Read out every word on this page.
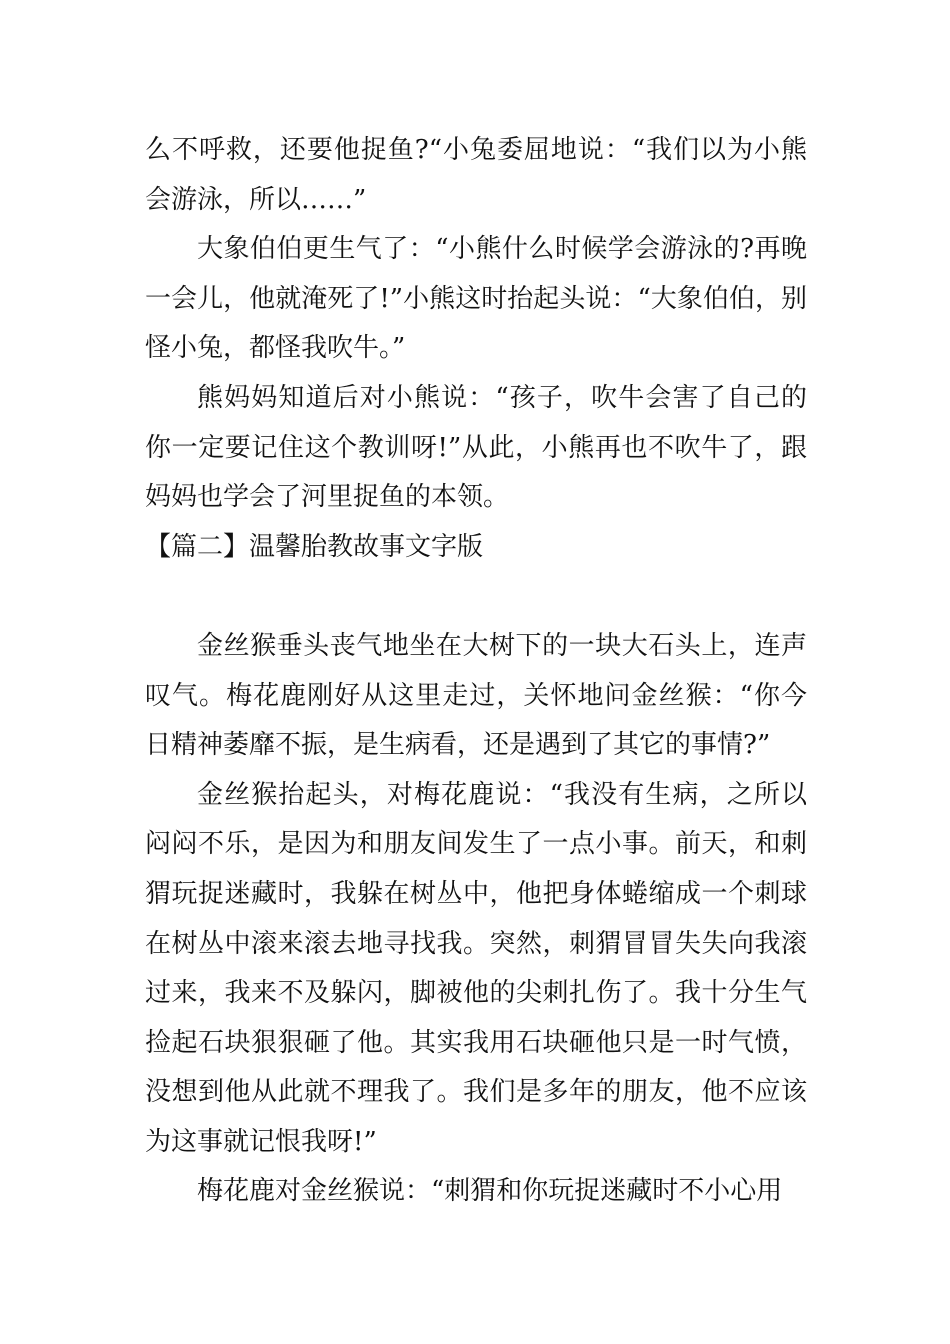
么不呼救，还要他捉鱼?“小兔委屈地说：“我们以为小熊会游泳，所以……”

大象伯伯更生气了：“小熊什么时候学会游泳的?再晚一会儿，他就淹死了!”小熊这时抬起头说：“大象伯伯，别怪小兔，都怪我吹牛。”

熊妈妈知道后对小熊说：“孩子，吹牛会害了自己的你一定要记住这个教训呀!”从此，小熊再也不吹牛了，跟妈妈也学会了河里捉鱼的本领。

【篇二】温馨胎教故事文字版

金丝猴垂头丧气地坐在大树下的一块大石头上，连声叹气。梅花鹿刚好从这里走过，关怀地问金丝猴：“你今日精神萎靡不振，是生病看，还是遇到了其它的事情?”

金丝猴抬起头，对梅花鹿说：“我没有生病，之所以闷闷不乐，是因为和朋友间发生了一点小事。前天，和刺猬玩捉迷藏时，我躲在树丛中，他把身体蜷缩成一个刺球在树丛中滚来滚去地寻找我。突然，刺猬冒冒失失向我滚过来，我来不及躲闪，脚被他的尖刺扎伤了。我十分生气捡起石块狠狠砸了他。其实我用石块砸他只是一时气愤，没想到他从此就不理我了。我们是多年的朋友，他不应该为这事就记恨我呀!”

梅花鹿对金丝猴说：“刺猬和你玩捉迷藏时不小心用
